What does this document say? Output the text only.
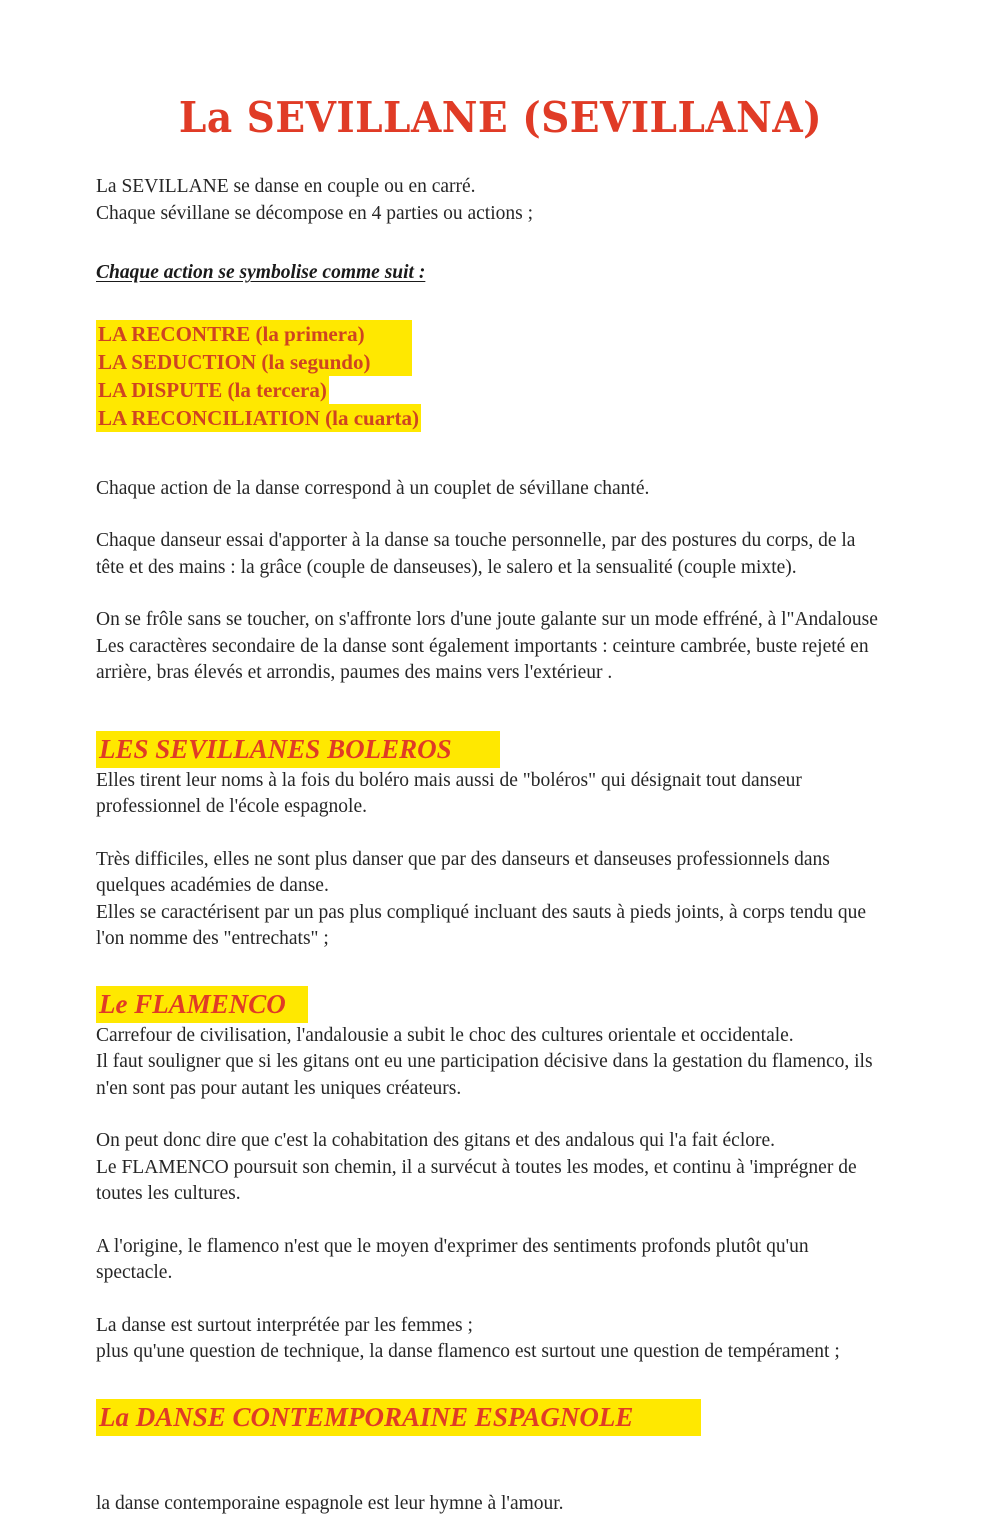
La SEVILLANE (SEVILLANA)

La SEVILLANE se danse en couple ou en carré.
Chaque sévillane se décompose en 4 parties ou actions ;

Chaque action se symbolise comme suit :
LA RECONTRE (la primera)
LA SEDUCTION (la segundo)
LA DISPUTE (la tercera)
LA RECONCILIATION (la cuarta)

Chaque action de la danse correspond à un couplet de sévillane chanté.

Chaque danseur essai d'apporter à la danse sa touche personnelle, par des postures du corps, de la
tête et des mains : la grâce (couple de danseuses), le salero et la sensualité (couple mixte).

On se frôle sans se toucher, on s'affronte lors d'une joute galante sur un mode effréné, à l"Andalouse
Les caractères secondaire de la danse sont également importants : ceinture cambrée, buste rejeté en
arrière, bras élevés et arrondis, paumes des mains vers l'extérieur .

LES SEVILLANES BOLEROS

Elles tirent leur noms à la fois du boléro mais aussi de "boléros" qui désignait tout danseur
professionnel de l'école espagnole.

Très difficiles, elles ne sont plus danser que par des danseurs et danseuses professionnels dans
quelques académies de danse.
Elles se caractérisent par un pas plus compliqué incluant des sauts à pieds joints, à corps tendu que
l'on nomme des "entrechats" ;

Le FLAMENCO

Carrefour de civilisation, l'andalousie a subit le choc des cultures orientale et occidentale.
Il faut souligner que si les gitans ont eu une participation décisive dans la gestation du flamenco, ils
n'en sont pas pour autant les uniques créateurs.

On peut donc dire que c'est la cohabitation des gitans et des andalous qui l'a fait éclore.
Le FLAMENCO poursuit son chemin, il a survécut à toutes les modes, et continu à 'imprégner de
toutes les cultures.

A l'origine, le flamenco n'est que le moyen d'exprimer des sentiments profonds plutôt qu'un
spectacle.

La danse est surtout interprétée par les femmes ;
plus qu'une question de technique, la danse flamenco est surtout une question de tempérament ;

La DANSE CONTEMPORAINE ESPAGNOLE

la danse contemporaine espagnole est leur hymne à l'amour.
